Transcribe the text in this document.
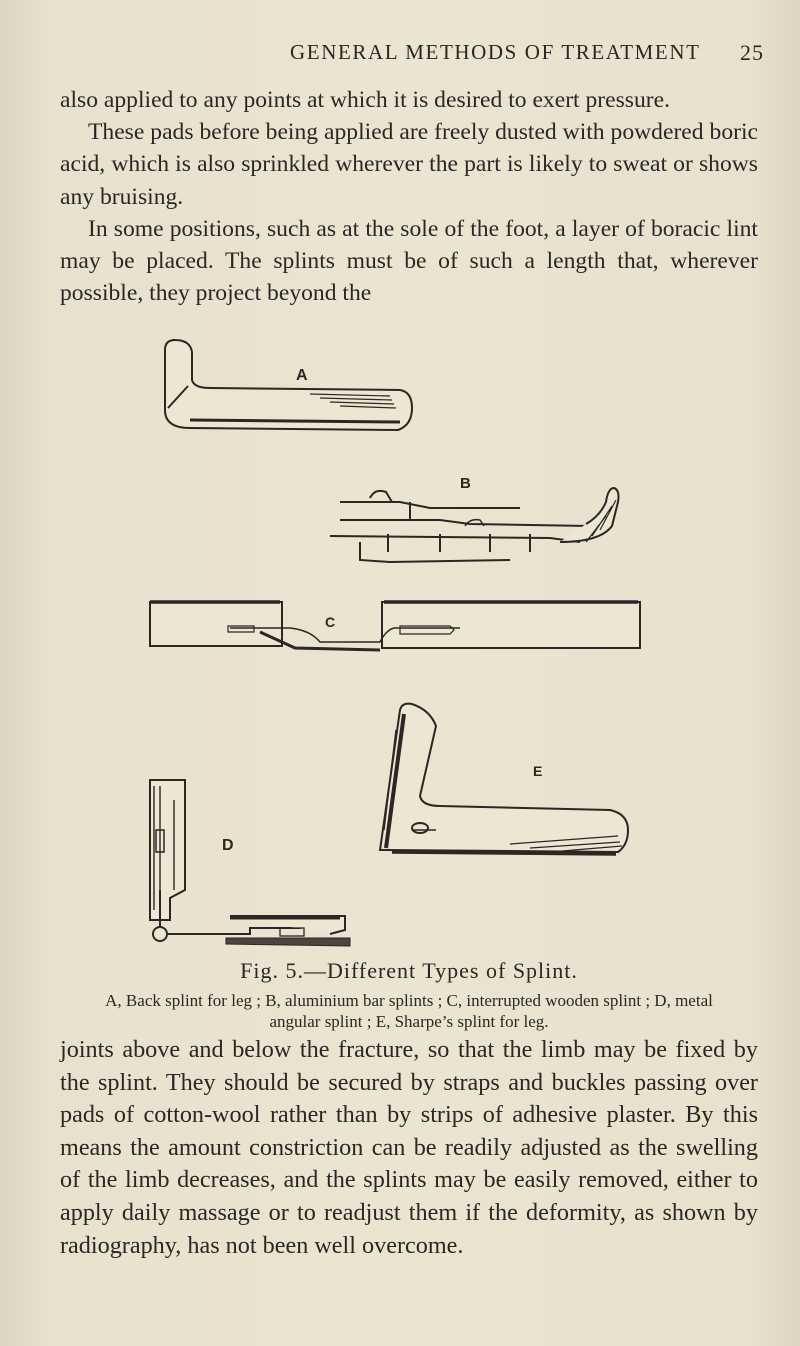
GENERAL METHODS OF TREATMENT 25

also applied to any points at which it is desired to exert pressure.

These pads before being applied are freely dusted with powdered boric acid, which is also sprinkled wherever the part is likely to sweat or shows any bruising.

In some positions, such as at the sole of the foot, a layer of boracic lint may be placed. The splints must be of such a length that, wherever possible, they project beyond the

A
B
C
D
E
Fig. 5.—Different Types of Splint.
A, Back splint for leg ; B, aluminium bar splints ; C, interrupted wooden splint ; D, metal angular splint ; E, Sharpe’s splint for leg.

joints above and below the fracture, so that the limb may be fixed by the splint. They should be secured by straps and buckles passing over pads of cotton-wool rather than by strips of adhesive plaster. By this means the amount constriction can be readily adjusted as the swelling of the limb decreases, and the splints may be easily removed, either to apply daily massage or to readjust them if the deformity, as shown by radiography, has not been well overcome.
